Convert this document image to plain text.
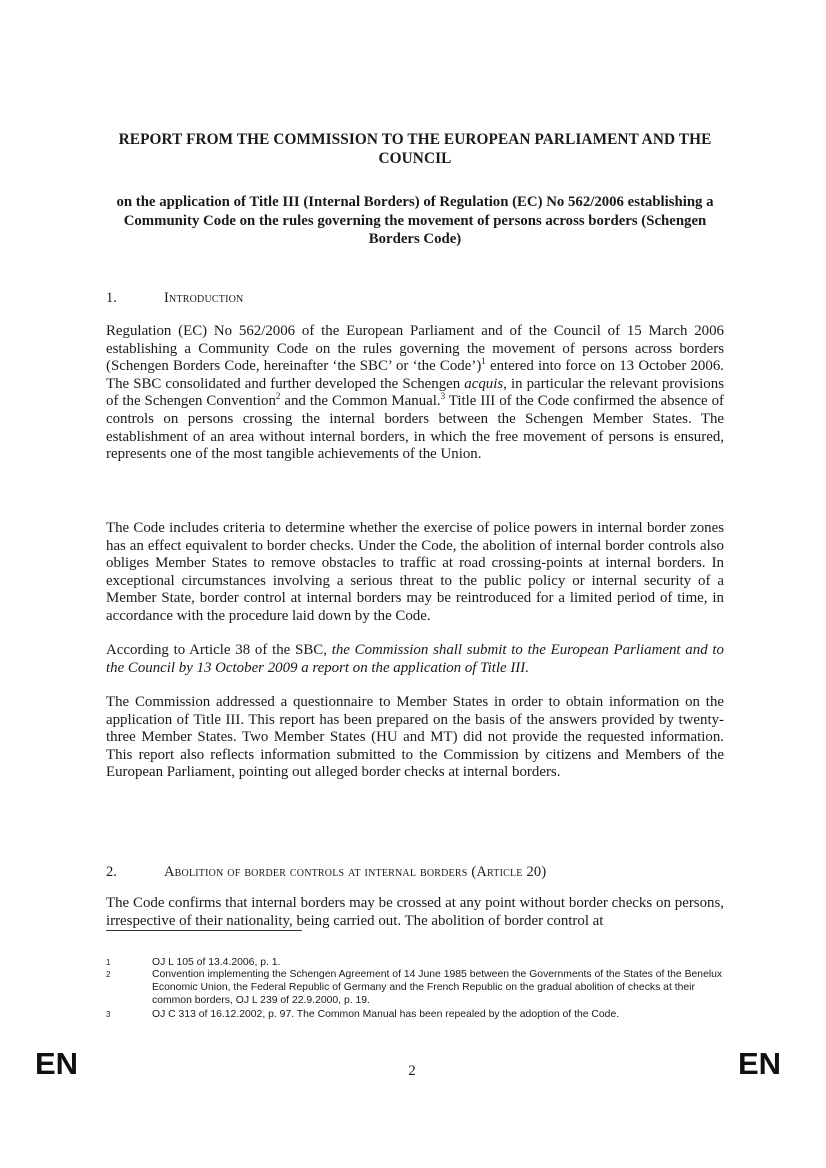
REPORT FROM THE COMMISSION TO THE EUROPEAN PARLIAMENT AND THE COUNCIL
on the application of Title III (Internal Borders) of Regulation (EC) No 562/2006 establishing a Community Code on the rules governing the movement of persons across borders (Schengen Borders Code)
1.	Introduction
Regulation (EC) No 562/2006 of the European Parliament and of the Council of 15 March 2006 establishing a Community Code on the rules governing the movement of persons across borders (Schengen Borders Code, hereinafter ‘the SBC’ or ‘the Code’)$^1$ entered into force on 13 October 2006. The SBC consolidated and further developed the Schengen acquis, in particular the relevant provisions of the Schengen Convention$^2$ and the Common Manual.$^3$ Title III of the Code confirmed the absence of controls on persons crossing the internal borders between the Schengen Member States. The establishment of an area without internal borders, in which the free movement of persons is ensured, represents one of the most tangible achievements of the Union.
The Code includes criteria to determine whether the exercise of police powers in internal border zones has an effect equivalent to border checks. Under the Code, the abolition of internal border controls also obliges Member States to remove obstacles to traffic at road crossing-points at internal borders. In exceptional circumstances involving a serious threat to the public policy or internal security of a Member State, border control at internal borders may be reintroduced for a limited period of time, in accordance with the procedure laid down by the Code.
According to Article 38 of the SBC, the Commission shall submit to the European Parliament and to the Council by 13 October 2009 a report on the application of Title III.
The Commission addressed a questionnaire to Member States in order to obtain information on the application of Title III. This report has been prepared on the basis of the answers provided by twenty-three Member States. Two Member States (HU and MT) did not provide the requested information. This report also reflects information submitted to the Commission by citizens and Members of the European Parliament, pointing out alleged border checks at internal borders.
2.	Abolition of border controls at internal borders (Article 20)
The Code confirms that internal borders may be crossed at any point without border checks on persons, irrespective of their nationality, being carried out. The abolition of border control at
1	OJ L 105 of 13.4.2006, p. 1.
2	Convention implementing the Schengen Agreement of 14 June 1985 between the Governments of the States of the Benelux Economic Union, the Federal Republic of Germany and the French Republic on the gradual abolition of checks at their common borders, OJ L 239 of 22.9.2000, p. 19.
3	OJ C 313 of 16.12.2002, p. 97. The Common Manual has been repealed by the adoption of the Code.
EN	2	EN
